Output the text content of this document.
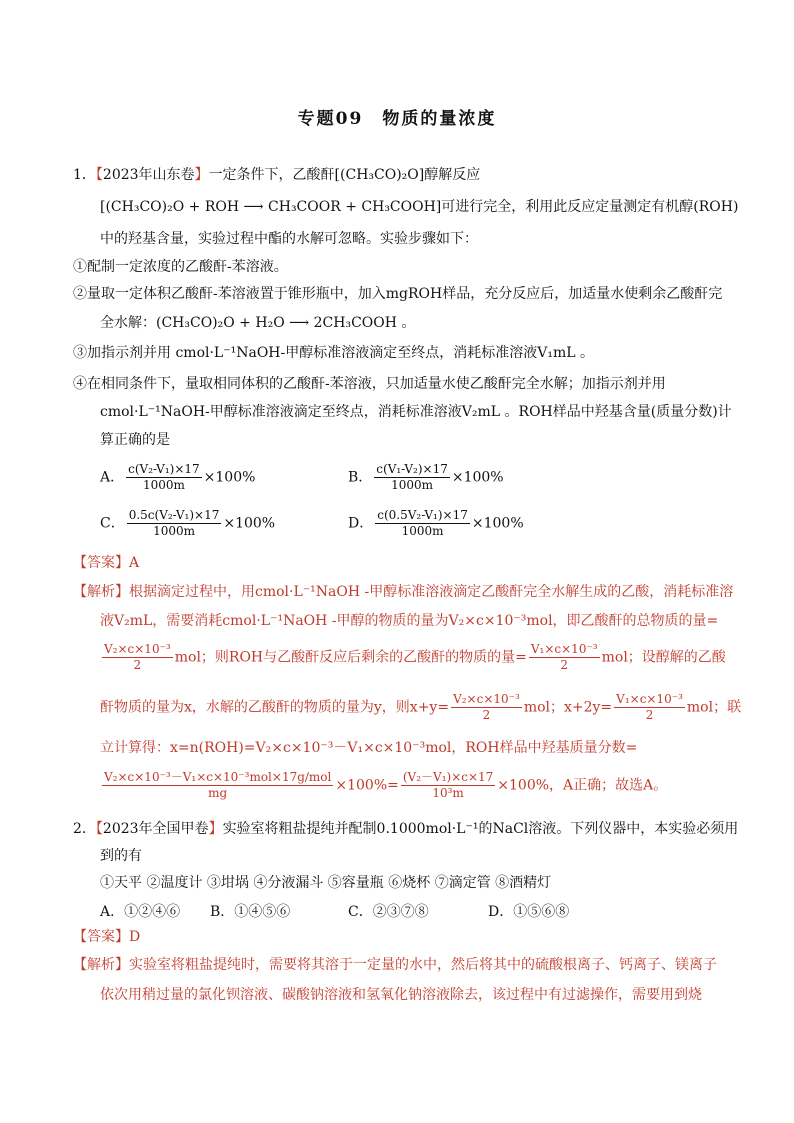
专题09　物质的量浓度
1．【2023年山东卷】一定条件下，乙酸酐[(CH₃CO)₂O]醇解反应
[(CH₃CO)₂O + ROH ⟶ CH₃COOR + CH₃COOH]可进行完全，利用此反应定量测定有机醇(ROH)
中的羟基含量，实验过程中酯的水解可忽略。实验步骤如下：
①配制一定浓度的乙酸酐-苯溶液。
②量取一定体积乙酸酐-苯溶液置于锥形瓶中，加入mgROH样品，充分反应后，加适量水使剩余乙酸酐完
全水解：(CH₃CO)₂O + H₂O ⟶ 2CH₃COOH 。
③加指示剂并用 cmol·L⁻¹NaOH-甲醇标准溶液滴定至终点，消耗标准溶液V₁mL 。
④在相同条件下，量取相同体积的乙酸酐-苯溶液，只加适量水使乙酸酐完全水解；加指示剂并用
cmol·L⁻¹NaOH-甲醇标准溶液滴定至终点，消耗标准溶液V₂mL 。ROH样品中羟基含量(质量分数)计
算正确的是
A． $\frac{\text{c(V₂-V₁)×17}}{1000m} \times 100\%$	B． $\frac{\text{c(V₁-V₂)×17}}{1000m} \times 100\%$
C． $\frac{\text{0.5c(V₂-V₁)×17}}{1000m} \times 100\%$	D． $\frac{\text{c(0.5V₂-V₁)×17}}{1000m} \times 100\%$
【答案】A
【解析】根据滴定过程中，用cmol·L⁻¹NaOH -甲醇标准溶液滴定乙酸酐完全水解生成的乙酸，消耗标准溶
液V₂mL，需要消耗cmol·L⁻¹NaOH -甲醇的物质的量为V₂×c×10⁻³mol，即乙酸酐的总物质的量=
$\frac{\text{V₂×c×10⁻³}}{2}$ mol；则ROH与乙酸酐反应后剩余的乙酸酐的物质的量= $\frac{\text{V₁×c×10⁻³}}{2}$ mol；设醇解的乙酸
酐物质的量为x，水解的乙酸酐的物质的量为y，则$x+y= \frac{\text{V₂×c×10⁻³}}{2}$ mol；$x+2y= \frac{\text{V₁×c×10⁻³}}{2}$ mol；联
立计算得：x=n(ROH)=V₂×c×10⁻³－V₁×c×10⁻³mol，ROH样品中羟基质量分数=
$\frac{\text{V₂×c×10⁻³－V₁×c×10⁻³mol×17g/mol}}{mg} \times 100\%= \frac{\text{(V₂－V₁)×c×17}}{\text{10³m}} \times 100\%$，A正确；故选A。
2．【2023年全国甲卷】实验室将粗盐提纯并配制0.1000mol·L⁻¹的NaCl溶液。下列仪器中，本实验必须用
到的有
①天平 ②温度计 ③坩埚 ④分液漏斗 ⑤容量瓶 ⑥烧杯 ⑦滴定管 ⑧酒精灯
A．①②④⑥ B．①④⑤⑥	C．②③⑦⑧	D．①⑤⑥⑧
【答案】D
【解析】实验室将粗盐提纯时，需要将其溶于一定量的水中，然后将其中的硫酸根离子、钙离子、镁离子
依次用稍过量的氯化钡溶液、碳酸钠溶液和氢氧化钠溶液除去，该过程中有过滤操作，需要用到烧
